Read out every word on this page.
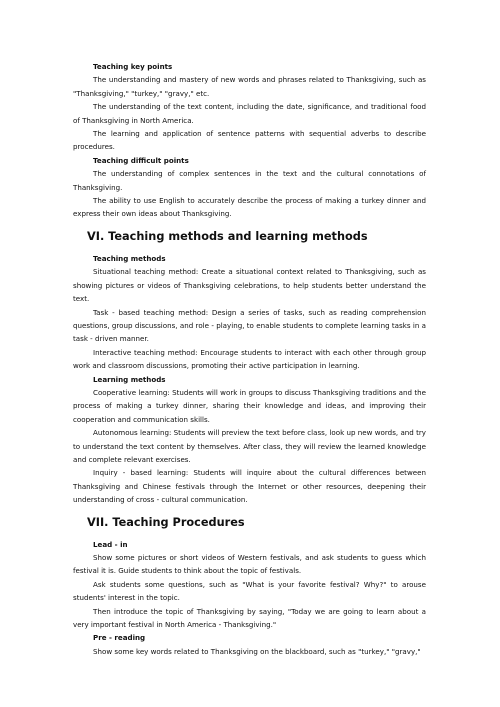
Teaching key points

The understanding and mastery of new words and phrases related to Thanksgiving, such as "Thanksgiving," "turkey," "gravy," etc.

The understanding of the text content, including the date, significance, and traditional food of Thanksgiving in North America.

The learning and application of sentence patterns with sequential adverbs to describe procedures.

Teaching difficult points

The understanding of complex sentences in the text and the cultural connotations of Thanksgiving.

The ability to use English to accurately describe the process of making a turkey dinner and express their own ideas about Thanksgiving.

VI. Teaching methods and learning methods

Teaching methods

Situational teaching method: Create a situational context related to Thanksgiving, such as showing pictures or videos of Thanksgiving celebrations, to help students better understand the text.

Task - based teaching method: Design a series of tasks, such as reading comprehension questions, group discussions, and role - playing, to enable students to complete learning tasks in a task - driven manner.

Interactive teaching method: Encourage students to interact with each other through group work and classroom discussions, promoting their active participation in learning.

Learning methods

Cooperative learning: Students will work in groups to discuss Thanksgiving traditions and the process of making a turkey dinner, sharing their knowledge and ideas, and improving their cooperation and communication skills.

Autonomous learning: Students will preview the text before class, look up new words, and try to understand the text content by themselves. After class, they will review the learned knowledge and complete relevant exercises.

Inquiry - based learning: Students will inquire about the cultural differences between Thanksgiving and Chinese festivals through the Internet or other resources, deepening their understanding of cross - cultural communication.

VII. Teaching Procedures

Lead - in

Show some pictures or short videos of Western festivals, and ask students to guess which festival it is. Guide students to think about the topic of festivals.

Ask students some questions, such as "What is your favorite festival? Why?" to arouse students' interest in the topic.

Then introduce the topic of Thanksgiving by saying, "Today we are going to learn about a very important festival in North America - Thanksgiving."

Pre - reading

Show some key words related to Thanksgiving on the blackboard, such as "turkey," "gravy,"
